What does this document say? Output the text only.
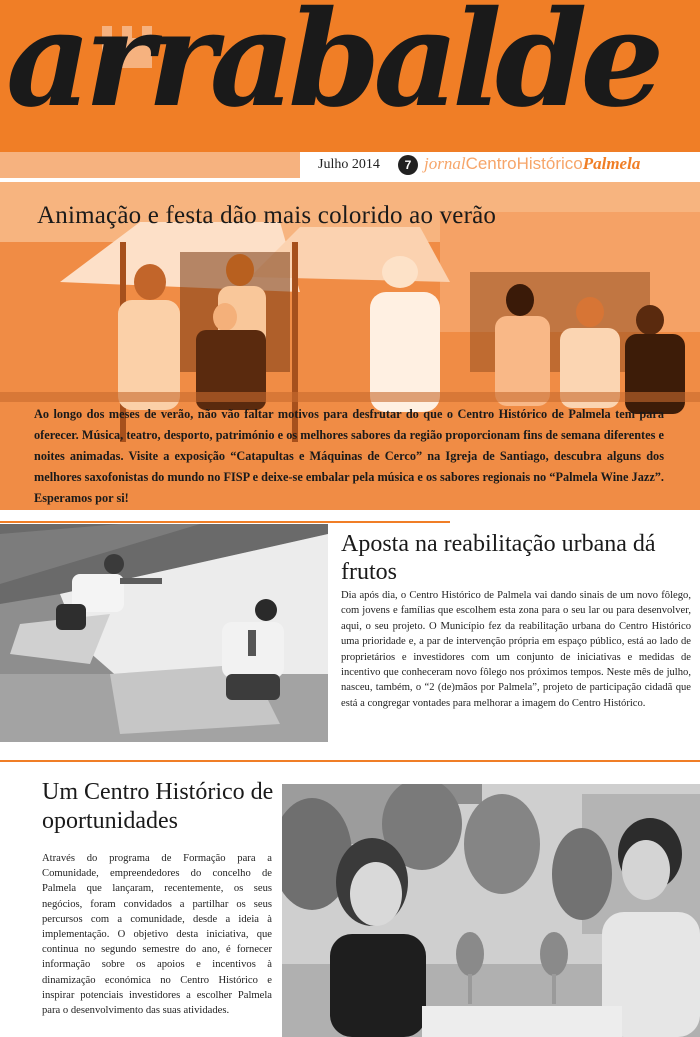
arrabalde
Julho 2014	7 jornalCentroHistóricoPalmela
Animação e festa dão mais colorido ao verão
Ao longo dos meses de verão, não vão faltar motivos para desfrutar do que o Centro Histórico de Palmela tem para oferecer. Música, teatro, desporto, património e os melhores sabores da região proporcionam fins de semana diferentes e noites animadas. Visite a exposição “Catapultas e Máquinas de Cerco” na Igreja de Santiago, descubra alguns dos melhores saxofonistas do mundo no FISP e deixe-se embalar pela música e os sabores regionais no “Palmela Wine Jazz”. Esperamos por si!
Aposta na reabilitação urbana dá frutos
Dia após dia, o Centro Histórico de Palmela vai dando sinais de um novo fôlego, com jovens e famílias que escolhem esta zona para o seu lar ou para desenvolver, aqui, o seu projeto. O Município fez da reabilitação urbana do Centro Histórico uma prioridade e, a par de intervenção própria em espaço público, está ao lado de proprietários e investidores com um conjunto de iniciativas e medidas de incentivo que conheceram novo fôlego nos próximos tempos. Neste mês de julho, nasceu, também, o “2 (de)mãos por Palmela”, projeto de participação cidadã que está a congregar vontades para melhorar a imagem do Centro Histórico.
Um Centro Histórico de oportunidades
Através do programa de Formação para a Comunidade, empreendedores do concelho de Palmela que lançaram, recentemente, os seus negócios, foram convidados a partilhar os seus percursos com a comunidade, desde a ideia à implementação. O objetivo desta iniciativa, que continua no segundo semestre do ano, é fornecer informação sobre os apoios e incentivos à dinamização económica no Centro Histórico e inspirar potenciais investidores a escolher Palmela para o desenvolvimento das suas atividades.
